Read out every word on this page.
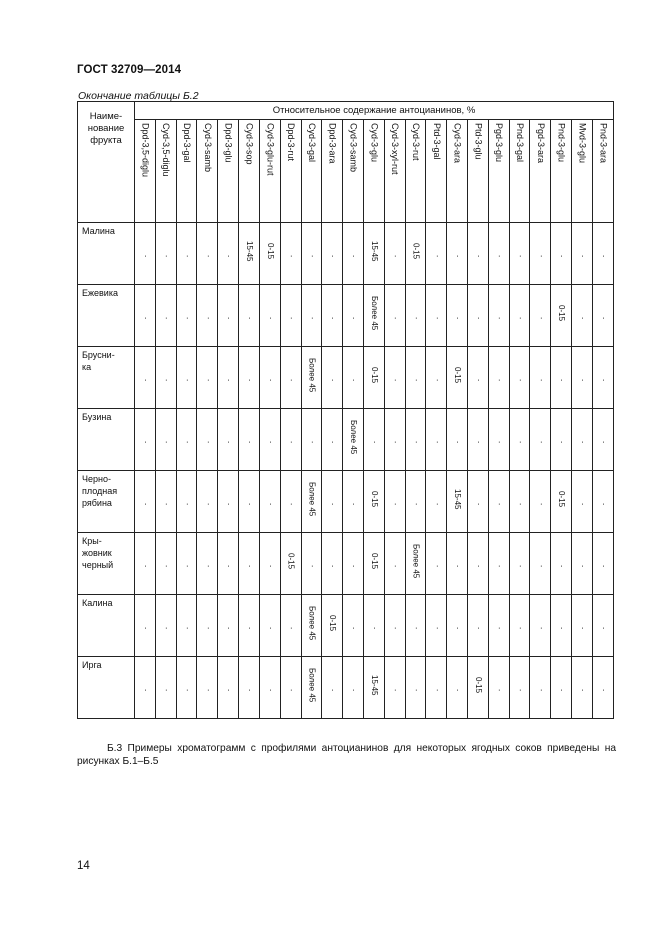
ГОСТ 32709—2014
Окончание таблицы Б.2
Наиме-
нование
фрукта	Относительное содержание антоцианинов, %																						

	Dpd-3,5-diglu	Cyd-3,5-diglu	Dpd-3-gal	Cyd-3-samb	Dpd-3-glu	Cyd-3-sop	Cyd-3-glu-rut	Dpd-3-rut	Cyd-3-gal	Dpd-3-ara	Cyd-3-samb	Cyd-3-glu	Cyd-3-xyl-rut	Cyd-3-rut	Ptd-3-gal	Cyd-3-ara	Ptd-3-glu	Pgd-3-glu	Pnd-3-gal	Pgd-3-ara	Pnd-3-glu	Mvd-3-glu	Pnd-3-ara

Малина	-	-	-	-	-	15-45	0-15	-	-	-	-	15-45	-	0-15	-	-	-	-	-	-	-	-	-
Ежевика	-	-	-	-	-	-	-	-	-	-	-	Более 45	-	-	-	-	-	-	-	-	0-15	-	-
Брусни-
ка	-	-	-	-	-	-	-	-	Более 45	-	-	0-15	-	-	-	0-15	-	-	-	-	-	-	-
Бузина	-	-	-	-	-	-	-	-	-	-	Более 45	-	-	-	-	-	-	-	-	-	-	-	-
Черно-
плодная
рябина	-	-	-	-	-	-	-	-	Более 45	-	-	0-15	-	-	-	15-45	-	-	-	-	0-15	-	-
Кры-
жовник
черный	-	-	-	-	-	-	-	0-15	-	-	-	0-15	-	Более 45	-	-	-	-	-	-	-	-	-
Калина	-	-	-	-	-	-	-	-	Более 45	0-15	-	-	-	-	-	-	-	-	-	-	-	-	-
Ирга	-	-	-	-	-	-	-	-	Более 45	-	-	15-45	-	-	-	-	0-15	-	-	-	-	-	-
Б.3 Примеры хроматограмм с профилями антоцианинов для некоторых ягодных соков приведены на рисунках Б.1–Б.5
14
